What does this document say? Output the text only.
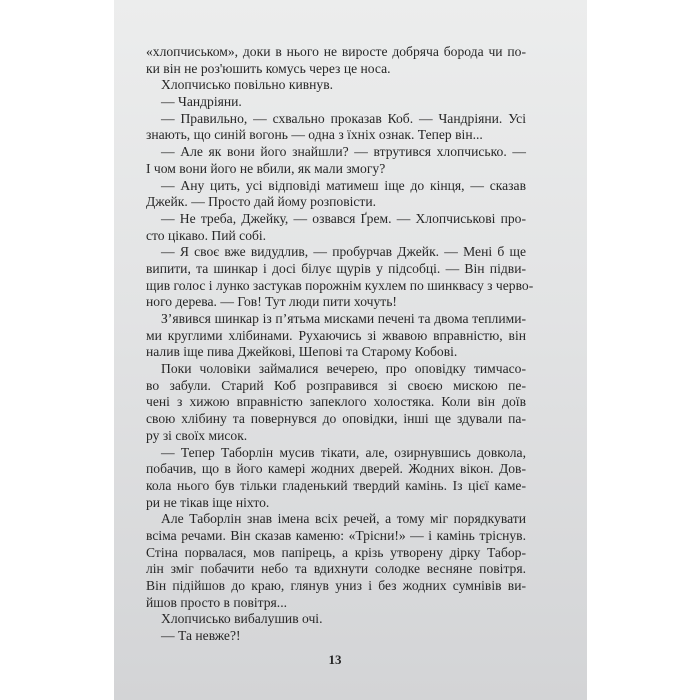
«хлопчиськом», доки в нього не виросте добряча борода чи по-
ки він не роз'юшить комусь через це носа.
Хлопчисько повільно кивнув.
— Чандріяни.
— Правильно, — схвально проказав Коб. — Чандріяни. Усі
знають, що синій вогонь — одна з їхніх ознак. Тепер він...
— Але як вони його знайшли? — втрутився хлопчисько. —
І чом вони його не вбили, як мали змогу?
— Ану цить, усі відповіді матимеш іще до кінця, — сказав
Джейк. — Просто дай йому розповісти.
— Не треба, Джейку, — озвався Ґрем. — Хлопчиськові про-
сто цікаво. Пий собі.
— Я своє вже видудлив, — пробурчав Джейк. — Мені б ще
випити, та шинкар і досі білує щурів у підсобці. — Він підви-
щив голос і лунко застукав порожнім кухлем по шинквасу з черво-
ного дерева. — Гов! Тут люди пити хочуть!
З’явився шинкар із п’ятьма мисками печені та двома теплими-
ми круглими хлібинами. Рухаючись зі жвавою вправністю, він
налив іще пива Джейкові, Шепові та Старому Кобові.
Поки чоловіки займалися вечерею, про оповідку тимчасо-
во забули. Старий Коб розправився зі своєю мискою пе-
чені з хижою вправністю запеклого холостяка. Коли він доїв
свою хлібину та повернувся до оповідки, інші ще здували па-
ру зі своїх мисок.
— Тепер Таборлін мусив тікати, але, озирнувшись довкола,
побачив, що в його камері жодних дверей. Жодних вікон. Дов-
кола нього був тільки гладенький твердий камінь. Із цієї каме-
ри не тікав іще ніхто.
Але Таборлін знав імена всіх речей, а тому міг порядкувати
всіма речами. Він сказав каменю: «Трісни!» — і камінь тріснув.
Стіна порвалася, мов папірець, а крізь утворену дірку Табор-
лін зміг побачити небо та вдихнути солодке весняне повітря.
Він підійшов до краю, глянув униз і без жодних сумнівів ви-
йшов просто в повітря...
Хлопчисько вибалушив очі.
— Та невже?!
13
